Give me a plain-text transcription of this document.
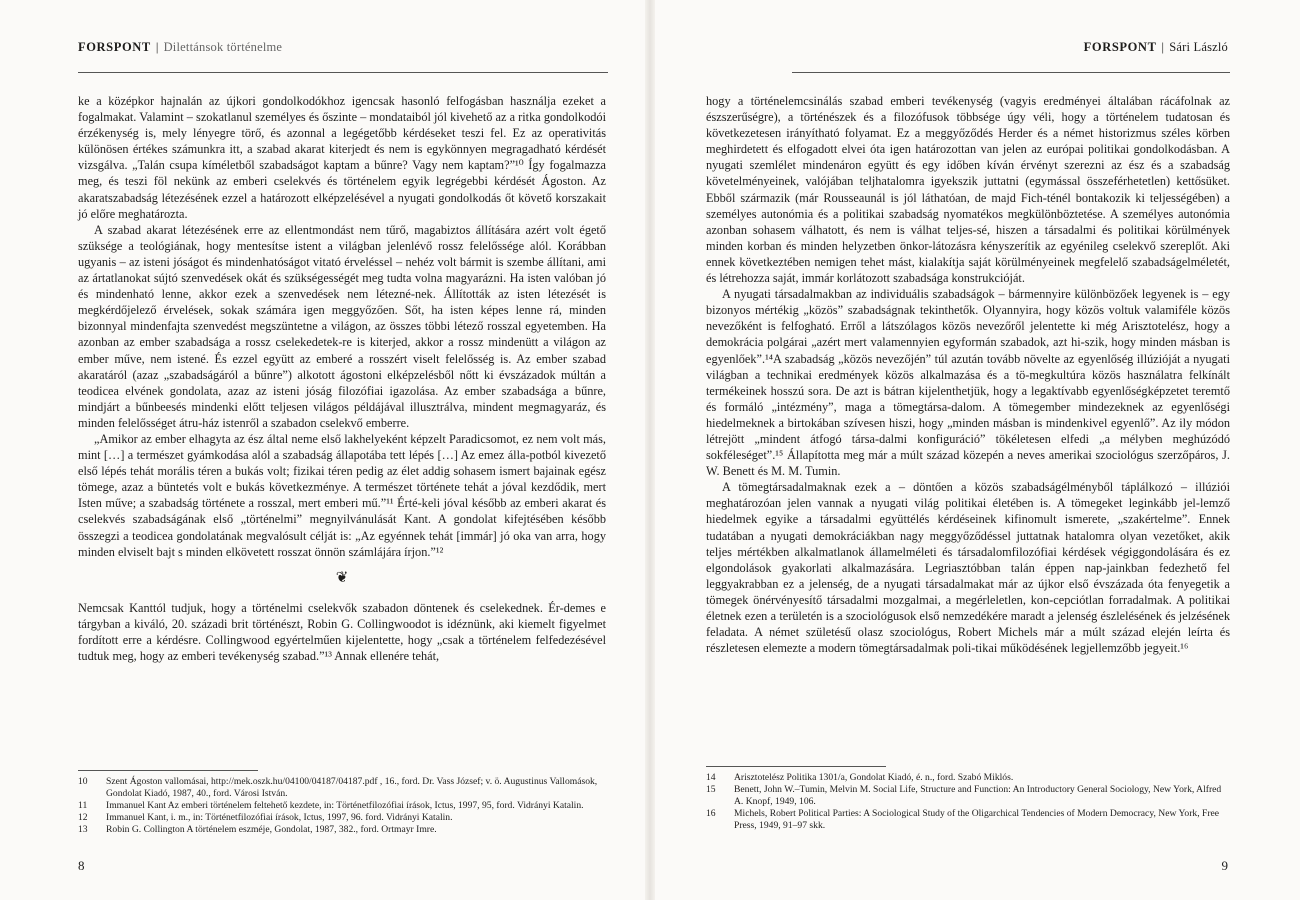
FORSPONT | Dilettánsok történelme

ke a középkor hajnalán az újkori gondolkodókhoz igencsak hasonló felfogásban használja ezeket a fogalmakat. Valamint – szokatlanul személyes és őszinte – mondataiból jól kivehető az a ritka gondolkodói érzékenység is, mely lényegre törő, és azonnal a legégetőbb kérdéseket teszi fel. Ez az operativitás különösen értékes számunkra itt, a szabad akarat kiterjedt és nem is egykönnyen megragadható kérdését vizsgálva. „Talán csupa kíméletből szabadságot kaptam a bűnre? Vagy nem kaptam?”¹⁰ Így fogalmazza meg, és teszi föl nekünk az emberi cselekvés és történelem egyik legrégebbi kérdését Ágoston. Az akaratszabadság létezésének ezzel a határozott elképzelésével a nyugati gondolkodás őt követő korszakait jó előre meghatározta.

A szabad akarat létezésének erre az ellentmondást nem tűrő, magabiztos állítására azért volt égető szüksége a teológiának, hogy mentesítse istent a világban jelenlévő rossz felelőssége alól. Korábban ugyanis – az isteni jóságot és mindenhatóságot vitató érveléssel – nehéz volt bármit is szembe állítani, ami az ártatlanokat sújtó szenvedések okát és szükségességét meg tudta volna magyarázni. Ha isten valóban jó és mindenható lenne, akkor ezek a szenvedések nem létezné-nek. Állították az isten létezését is megkérdőjelező érvelések, sokak számára igen meggyőzően. Sőt, ha isten képes lenne rá, minden bizonnyal mindenfajta szenvedést megszüntetne a világon, az összes többi létező rosszal egyetemben. Ha azonban az ember szabadsága a rossz cselekedetek-re is kiterjed, akkor a rossz mindenütt a világon az ember műve, nem istené. És ezzel együtt az emberé a rosszért viselt felelősség is. Az ember szabad akaratáról (azaz „szabadságáról a bűnre”) alkotott ágostoni elképzelésből nőtt ki évszázadok múltán a teodicea elvének gondolata, azaz az isteni jóság filozófiai igazolása. Az ember szabadsága a bűnre, mindjárt a bűnbeesés mindenki előtt teljesen világos példájával illusztrálva, mindent megmagyaráz, és minden felelősséget átru-ház istenről a szabadon cselekvő emberre.

„Amikor az ember elhagyta az ész által neme első lakhelyeként képzelt Paradicsomot, ez nem volt más, mint […] a természet gyámkodása alól a szabadság állapotába tett lépés […] Az emez álla-potból kivezető első lépés tehát morális téren a bukás volt; fizikai téren pedig az élet addig sohasem ismert bajainak egész tömege, azaz a büntetés volt e bukás következménye. A természet története tehát a jóval kezdődik, mert Isten műve; a szabadság története a rosszal, mert emberi mű.”¹¹ Érté-keli jóval később az emberi akarat és cselekvés szabadságának első „történelmi” megnyilvánulását Kant. A gondolat kifejtésében később összegzi a teodicea gondolatának megvalósult célját is: „Az egyénnek tehát [immár] jó oka van arra, hogy minden elviselt bajt s minden elkövetett rosszat önnön számlájára írjon.”¹²

❦

Nemcsak Kanttól tudjuk, hogy a történelmi cselekvők szabadon döntenek és cselekednek. Ér-demes e tárgyban a kiváló, 20. századi brit történészt, Robin G. Collingwoodot is idéznünk, aki kiemelt figyelmet fordított erre a kérdésre. Collingwood egyértelműen kijelentette, hogy „csak a történelem felfedezésével tudtuk meg, hogy az emberi tevékenység szabad.”¹³ Annak ellenére tehát,

10	Szent Ágoston vallomásai, http://mek.oszk.hu/04100/04187/04187.pdf , 16., ford. Dr. Vass József; v. ö. Augustinus Vallomások, Gondolat Kiadó, 1987, 40., ford. Városi István.
11	Immanuel Kant Az emberi történelem feltehető kezdete, in: Történetfilozófiai írások, Ictus, 1997, 95, ford. Vidrányi Katalin.
12	Immanuel Kant, i. m., in: Történetfilozófiai írások, Ictus, 1997, 96. ford. Vidrányi Katalin.
13	Robin G. Collington A történelem eszméje, Gondolat, 1987, 382., ford. Ortmayr Imre.
8
FORSPONT | Sári László

hogy a történelemcsinálás szabad emberi tevékenység (vagyis eredményei általában rácáfolnak az észszerűségre), a történészek és a filozófusok többsége úgy véli, hogy a történelem tudatosan és következetesen irányítható folyamat. Ez a meggyőződés Herder és a német historizmus széles körben meghirdetett és elfogadott elvei óta igen határozottan van jelen az európai politikai gondolkodásban. A nyugati szemlélet mindenáron együtt és egy időben kíván érvényt szerezni az ész és a szabadság követelményeinek, valójában teljhatalomra igyekszik juttatni (egymással összeférhetetlen) kettősüket. Ebből származik (már Rousseaunál is jól láthatóan, de majd Fich-ténél bontakozik ki teljességében) a személyes autonómia és a politikai szabadság nyomatékos megkülönböztetése. A személyes autonómia azonban sohasem válhatott, és nem is válhat teljes-sé, hiszen a társadalmi és politikai körülmények minden korban és minden helyzetben önkor-látozásra kényszerítik az egyénileg cselekvő szereplőt. Aki ennek következtében nemigen tehet mást, kialakítja saját körülményeinek megfelelő szabadságelméletét, és létrehozza saját, immár korlátozott szabadsága konstrukcióját.

A nyugati társadalmakban az individuális szabadságok – bármennyire különbözőek legyenek is – egy bizonyos mértékig „közös” szabadságnak tekinthetők. Olyannyira, hogy közös voltuk valamiféle közös nevezőként is felfogható. Erről a látszólagos közös nevezőről jelentette ki még Arisztotelész, hogy a demokrácia polgárai „azért mert valamennyien egyformán szabadok, azt hi-szik, hogy minden másban is egyenlőek”.¹⁴A szabadság „közös nevezőjén” túl azután tovább növelte az egyenlőség illúzióját a nyugati világban a technikai eredmények közös alkalmazása és a tö-megkultúra közös használatra felkínált termékeinek hosszú sora. De azt is bátran kijelenthetjük, hogy a legaktívabb egyenlőségképzetet teremtő és formáló „intézmény”, maga a tömegtársa-dalom. A tömegember mindezeknek az egyenlőségi hiedelmeknek a birtokában szívesen hiszi, hogy „minden másban is mindenkivel egyenlő”. Az ily módon létrejött „mindent átfogó társa-dalmi konfiguráció” tökéletesen elfedi „a mélyben meghúzódó sokféleséget”.¹⁵ Állapította meg már a múlt század közepén a neves amerikai szociológus szerzőpáros, J. W. Benett és M. M. Tumin.

A tömegtársadalmaknak ezek a – döntően a közös szabadságélményből táplálkozó – illúziói meghatározóan jelen vannak a nyugati világ politikai életében is. A tömegeket leginkább jel-lemző hiedelmek egyike a társadalmi együttélés kérdéseinek kifinomult ismerete, „szakértelme”. Ennek tudatában a nyugati demokráciákban nagy meggyőződéssel juttatnak hatalomra olyan vezetőket, akik teljes mértékben alkalmatlanok államelméleti és társadalomfilozófiai kérdések végiggondolására és ez elgondolások gyakorlati alkalmazására. Legriasztóbban talán éppen nap-jainkban fedezhető fel leggyakrabban ez a jelenség, de a nyugati társadalmakat már az újkor első évszázada óta fenyegetik a tömegek önérvényesítő társadalmi mozgalmai, a megérleletlen, kon-cepciótlan forradalmak. A politikai életnek ezen a területén is a szociológusok első nemzedékére maradt a jelenség észlelésének és jelzésének feladata. A német születésű olasz szociológus, Robert Michels már a múlt század elején leírta és részletesen elemezte a modern tömegtársadalmak poli-tikai működésének legjellemzőbb jegyeit.¹⁶

14	Arisztotelész Politika 1301/a, Gondolat Kiadó, é. n., ford. Szabó Miklós.
15	Benett, John W.–Tumin, Melvin M. Social Life, Structure and Function: An Introductory General Sociology, New York, Alfred A. Knopf, 1949, 106.
16	Michels, Robert Political Parties: A Sociological Study of the Oligarchical Tendencies of Modern Democracy, New York, Free Press, 1949, 91–97 skk.
9
